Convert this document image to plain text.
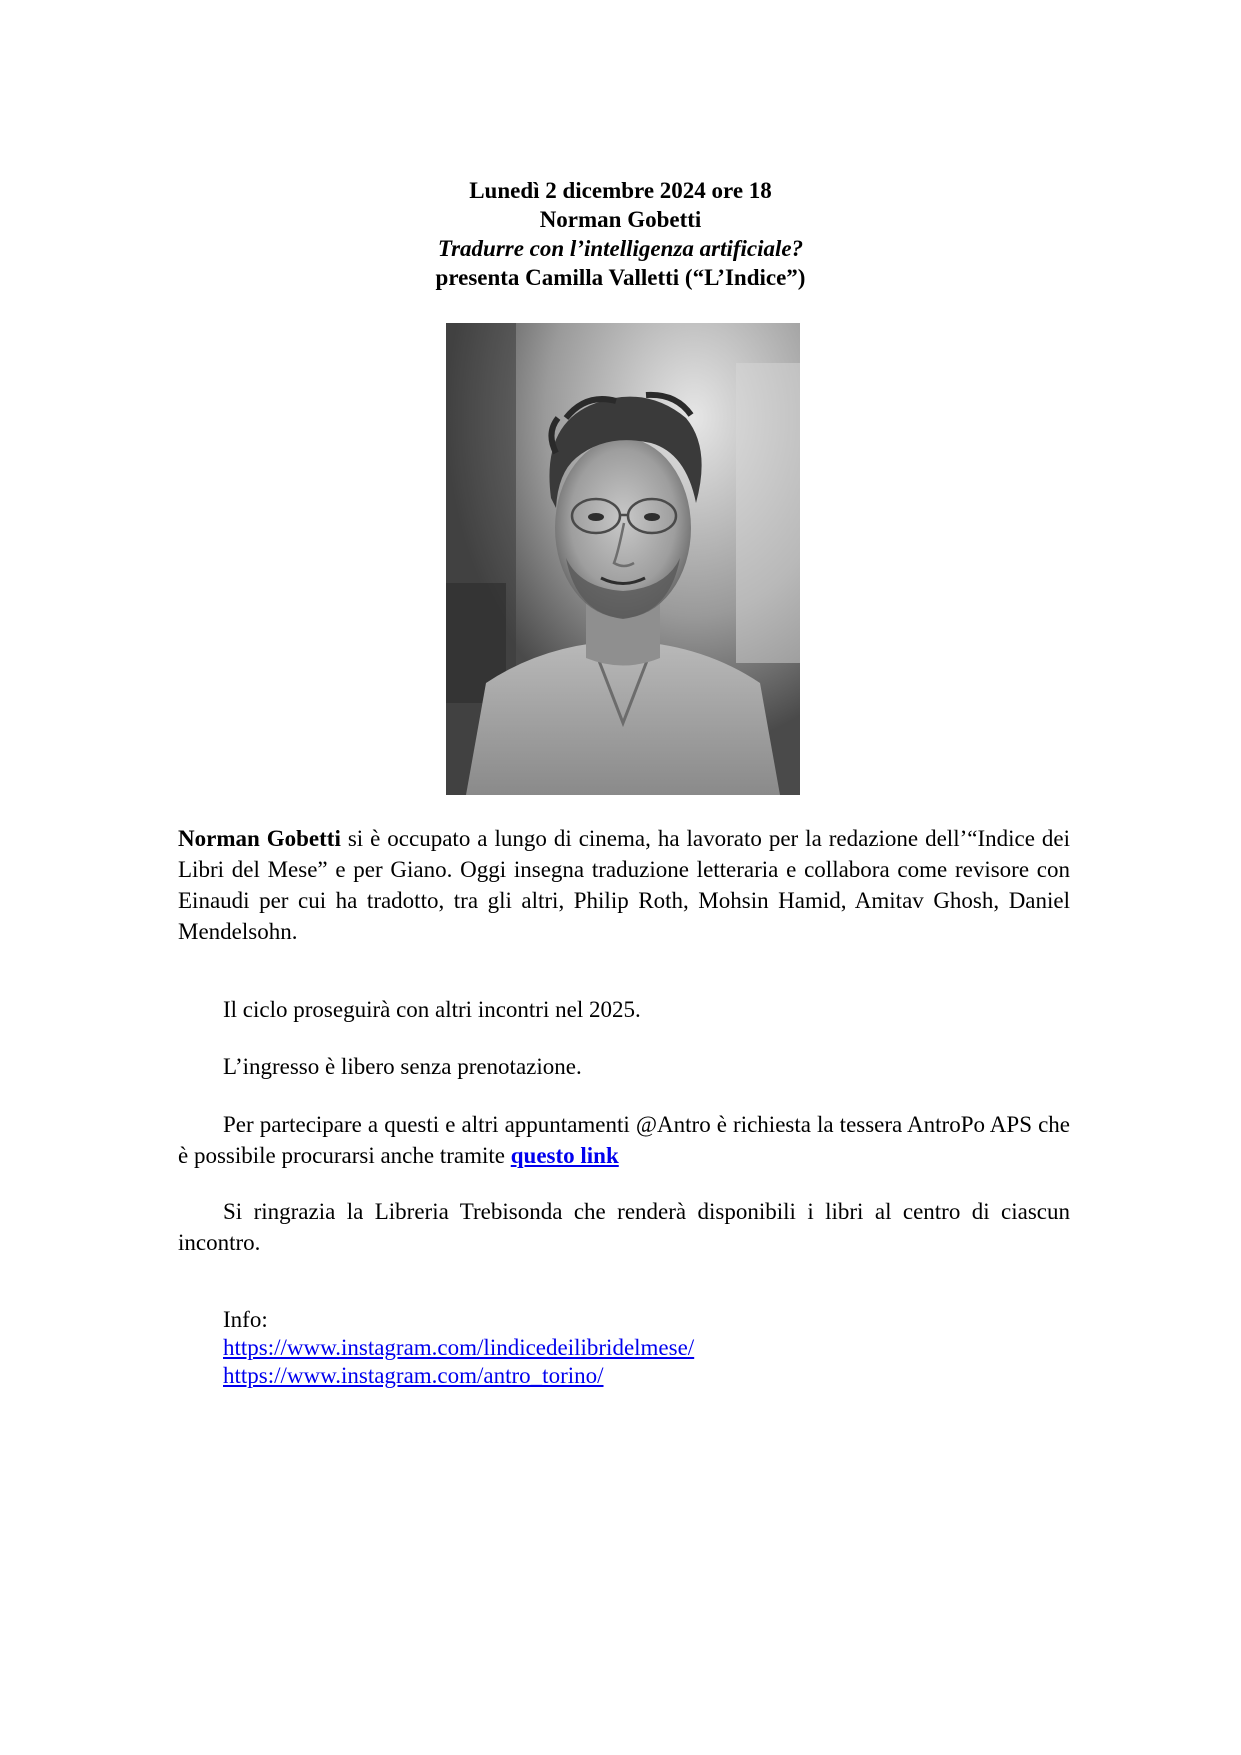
Lunedì 2 dicembre 2024 ore 18
Norman Gobetti
Tradurre con l’intelligenza artificiale?
presenta Camilla Valletti (“L’Indice”)
Norman Gobetti si è occupato a lungo di cinema, ha lavorato per la redazione dell’“Indice dei Libri del Mese” e per Giano. Oggi insegna traduzione letteraria e collabora come revisore con Einaudi per cui ha tradotto, tra gli altri, Philip Roth, Mohsin Hamid, Amitav Ghosh, Daniel Mendelsohn.
Il ciclo proseguirà con altri incontri nel 2025.
L’ingresso è libero senza prenotazione.
Per partecipare a questi e altri appuntamenti @Antro è richiesta la tessera AntroPo APS che è possibile procurarsi anche tramite questo link
Si ringrazia la Libreria Trebisonda che renderà disponibili i libri al centro di ciascun incontro.
Info:
https://www.instagram.com/lindicedeilibridelmese/
https://www.instagram.com/antro_torino/
